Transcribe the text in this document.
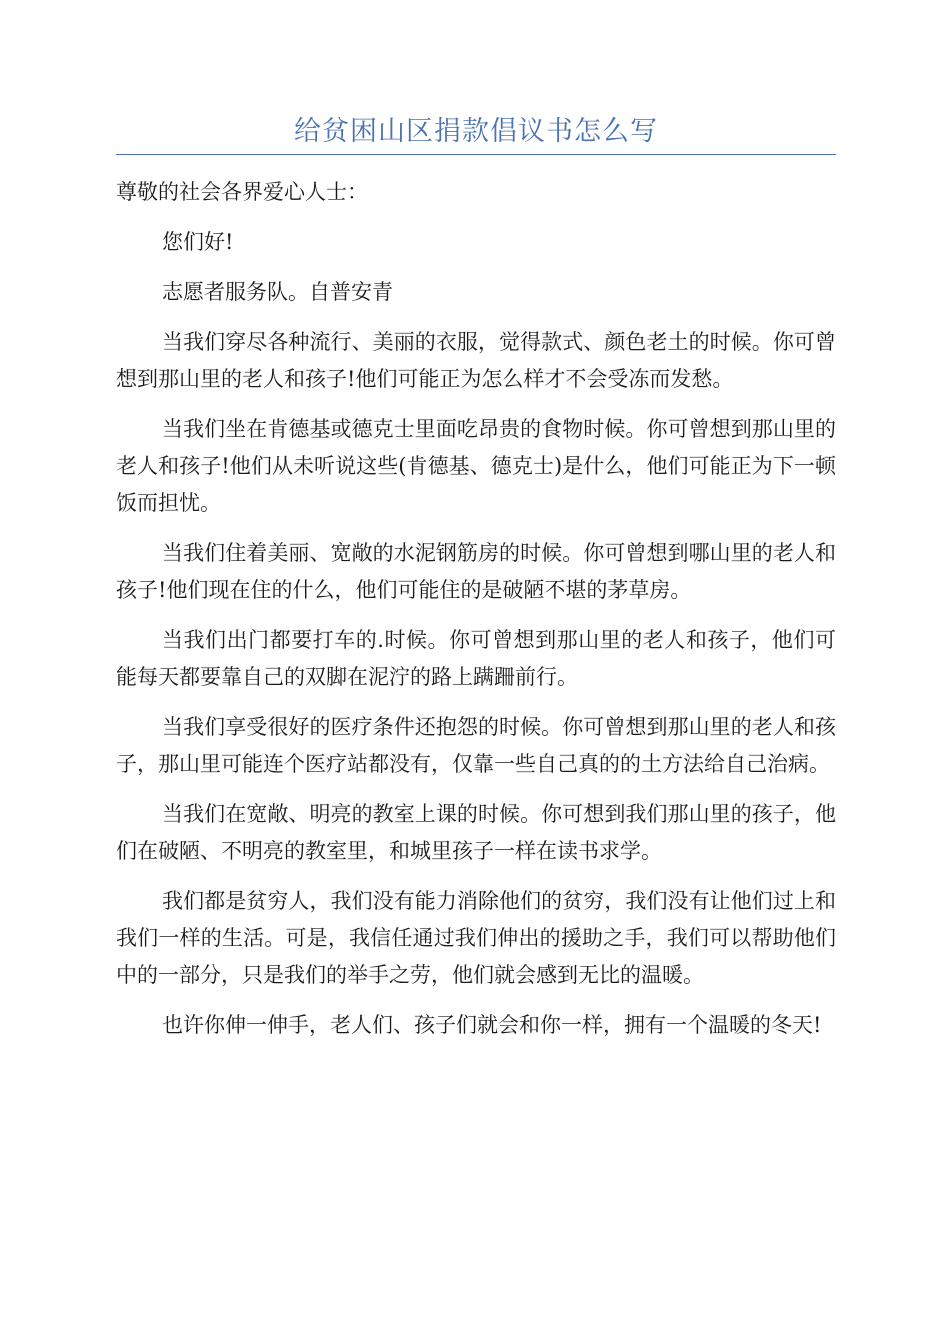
给贫困山区捐款倡议书怎么写

尊敬的社会各界爱心人士：

您们好!

志愿者服务队。自普安青

当我们穿尽各种流行、美丽的衣服，觉得款式、颜色老土的时候。你可曾想到那山里的老人和孩子!他们可能正为怎么样才不会受冻而发愁。

当我们坐在肯德基或德克士里面吃昂贵的食物时候。你可曾想到那山里的老人和孩子!他们从未听说这些(肯德基、德克士)是什么，他们可能正为下一顿饭而担忧。

当我们住着美丽、宽敞的水泥钢筋房的时候。你可曾想到哪山里的老人和孩子!他们现在住的什么，他们可能住的是破陋不堪的茅草房。

当我们出门都要打车的.时候。你可曾想到那山里的老人和孩子，他们可能每天都要靠自己的双脚在泥泞的路上蹒跚前行。

当我们享受很好的医疗条件还抱怨的时候。你可曾想到那山里的老人和孩子，那山里可能连个医疗站都没有，仅靠一些自己真的的土方法给自己治病。

当我们在宽敞、明亮的教室上课的时候。你可想到我们那山里的孩子，他们在破陋、不明亮的教室里，和城里孩子一样在读书求学。

我们都是贫穷人，我们没有能力消除他们的贫穷，我们没有让他们过上和我们一样的生活。可是，我信任通过我们伸出的援助之手，我们可以帮助他们中的一部分，只是我们的举手之劳，他们就会感到无比的温暖。

也许你伸一伸手，老人们、孩子们就会和你一样，拥有一个温暖的冬天!
